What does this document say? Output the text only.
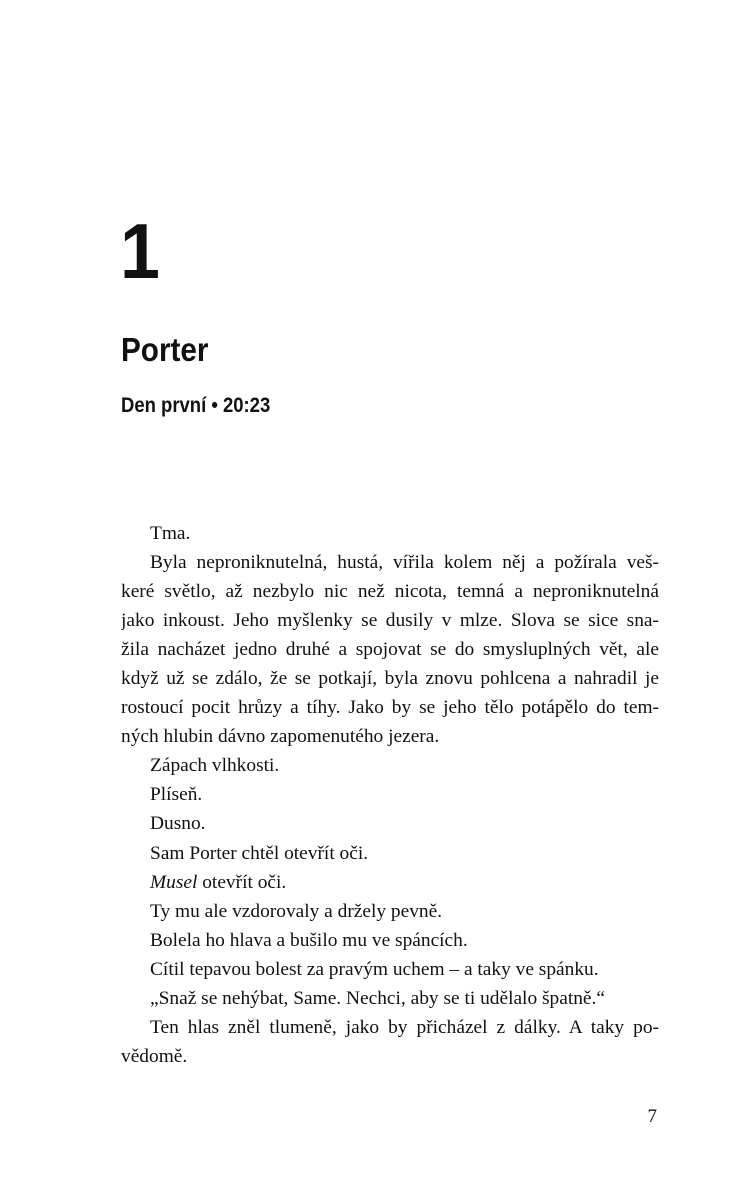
1
Porter
Den první • 20:23
Tma.
Byla neproniknutelná, hustá, vířila kolem něj a požírala veš-
keré světlo, až nezbylo nic než nicota, temná a neproniknutelná
jako inkoust. Jeho myšlenky se dusily v mlze. Slova se sice sna-
žila nacházet jedno druhé a spojovat se do smysluplných vět, ale
když už se zdálo, že se potkají, byla znovu pohlcena a nahradil je
rostoucí pocit hrůzy a tíhy. Jako by se jeho tělo potápělo do tem-
ných hlubin dávno zapomenutého jezera.
Zápach vlhkosti.
Plíseň.
Dusno.
Sam Porter chtěl otevřít oči.
Musel otevřít oči.
Ty mu ale vzdorovaly a držely pevně.
Bolela ho hlava a bušilo mu ve spáncích.
Cítil tepavou bolest za pravým uchem – a taky ve spánku.
„Snaž se nehýbat, Same. Nechci, aby se ti udělalo špatně.“
Ten hlas zněl tlumeně, jako by přicházel z dálky. A taky po-
vědomě.
7
